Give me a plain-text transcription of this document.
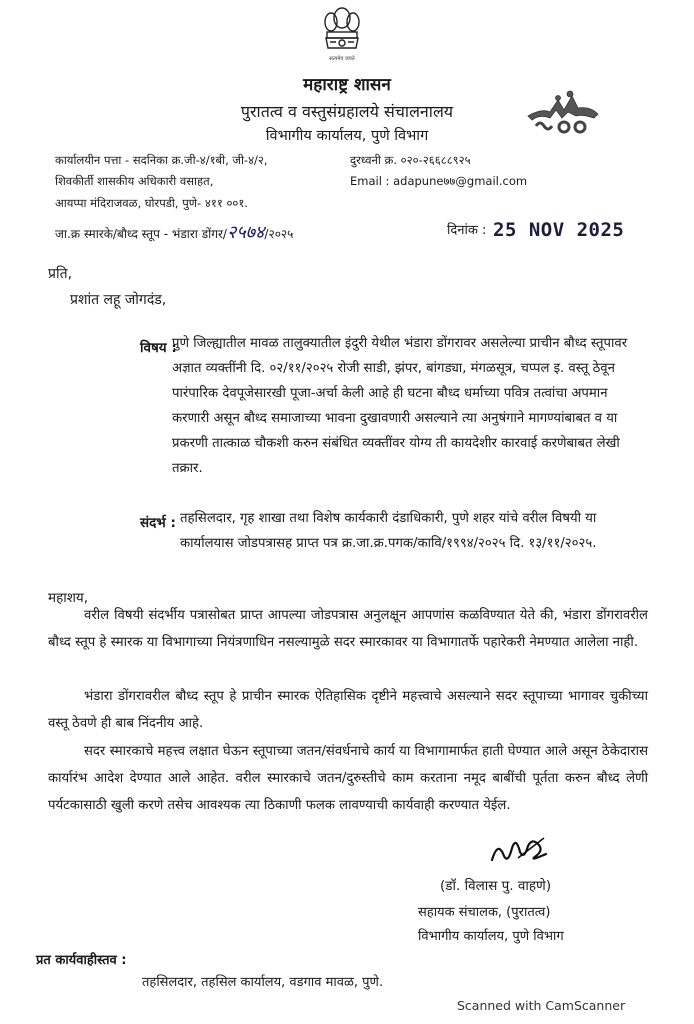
सत्यमेव जयते
महाराष्ट्र शासन
पुरातत्व व वस्तुसंग्रहालये संचालनालय
विभागीय कार्यालय, पुणे विभाग
कार्यालयीन पत्ता - सदनिका क्र.जी-४/१बी, जी-४/२,
शिवकीर्ती शासकीय अधिकारी वसाहत,
आयप्पा मंदिराजवळ, घोरपडी, पुणे- ४११ ००१.
दुरध्वनी क्र. ०२०-२६६८८९२५
Email : adapune७७@gmail.com
जा.क्र स्मारके/बौध्द स्तूप - भंडारा डोंगर/२५७४/२०२५	दिनांक : 25 NOV 2025
प्रति,
प्रशांत लहू जोगदंड,
विषय :
पुणे जिल्ह्यातील मावळ तालुक्यातील इंदुरी येथील भंडारा डोंगरावर असलेल्या प्राचीन बौध्द स्तूपावर अज्ञात व्यक्तींनी दि. ०२/११/२०२५ रोजी साडी, झंपर, बांगड्या, मंगळसूत्र, चप्पल इ. वस्तू ठेवून पारंपारिक देवपूजेसारखी पूजा-अर्चा केली आहे ही घटना बौध्द धर्माच्या पवित्र तत्वांचा अपमान करणारी असून बौध्द समाजाच्या भावना दुखावणारी असल्याने त्या अनुषंगाने मागण्यांबाबत व या प्रकरणी तात्काळ चौकशी करुन संबंधित व्यक्तींवर योग्य ती कायदेशीर कारवाई करणेबाबत लेखी तक्रार.
संदर्भ : तहसिलदार, गृह शाखा तथा विशेष कार्यकारी दंडाधिकारी, पुणे शहर यांचे वरील विषयी या कार्यालयास जोडपत्रासह प्राप्त पत्र क्र.जा.क्र.पगक/कावि/१९९४/२०२५ दि. १३/११/२०२५.
महाशय,
वरील विषयी संदर्भीय पत्रासोबत प्राप्त आपल्या जोडपत्रास अनुलक्षून आपणांस कळविण्यात येते की, भंडारा डोंगरावरील बौध्द स्तूप हे स्मारक या विभागाच्या नियंत्रणाधिन नसल्यामुळे सदर स्मारकावर या विभागातर्फे पहारेकरी नेमण्यात आलेला नाही.
भंडारा डोंगरावरील बौध्द स्तूप हे प्राचीन स्मारक ऐतिहासिक दृष्टीने महत्त्वाचे असल्याने सदर स्तूपाच्या भागावर चुकीच्या वस्तू ठेवणे ही बाब निंदनीय आहे.
सदर स्मारकाचे महत्त्व लक्षात घेऊन स्तूपाच्या जतन/संवर्धनाचे कार्य या विभागामार्फत हाती घेण्यात आले असून ठेकेदारास कार्यारंभ आदेश देण्यात आले आहेत. वरील स्मारकाचे जतन/दुरुस्तीचे काम करताना नमूद बाबींची पूर्तता करुन बौध्द लेणी पर्यटकासाठी खुली करणे तसेच आवश्यक त्या ठिकाणी फलक लावण्याची कार्यवाही करण्यात येईल.
(डॉ. विलास पु. वाहणे)
सहायक संचालक, (पुरातत्व)
विभागीय कार्यालय, पुणे विभाग
प्रत कार्यवाहीस्तव :
तहसिलदार, तहसिल कार्यालय, वडगाव मावळ, पुणे.
Scanned with CamScanner
